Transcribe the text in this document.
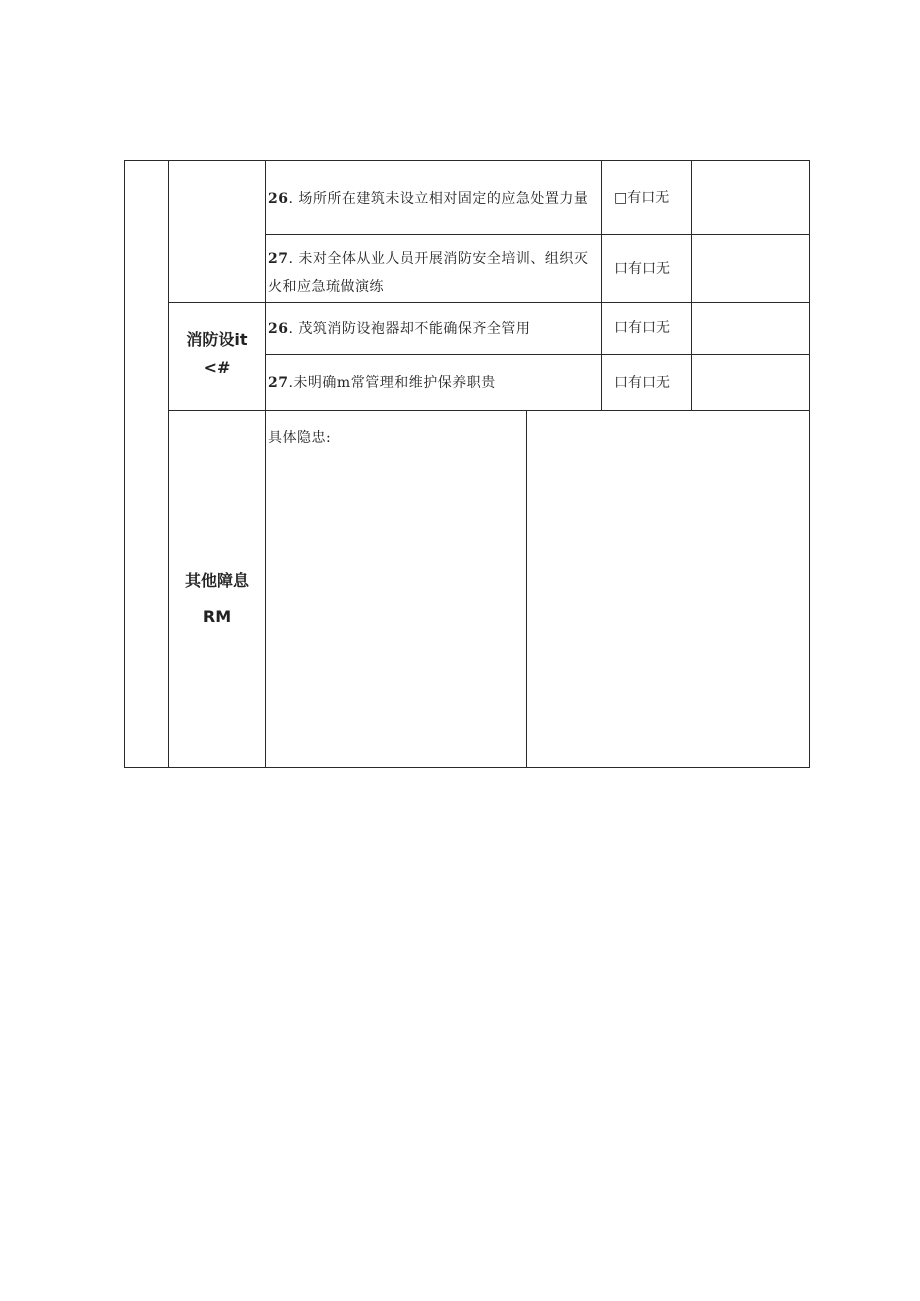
26. 场所所在建筑未设立相对固定的应急处置力量 □有口无
27. 未对全体从业人员开展消防安全培训、组织灭
火和应急琉做演练
口有口无
消防设it
<#
26. 茂筑消防设袍器却不能确保齐全管用	口有口无
27.未明确m常管理和维护保养职贵	口有口无
其他障息
RM
具体隐忠:
